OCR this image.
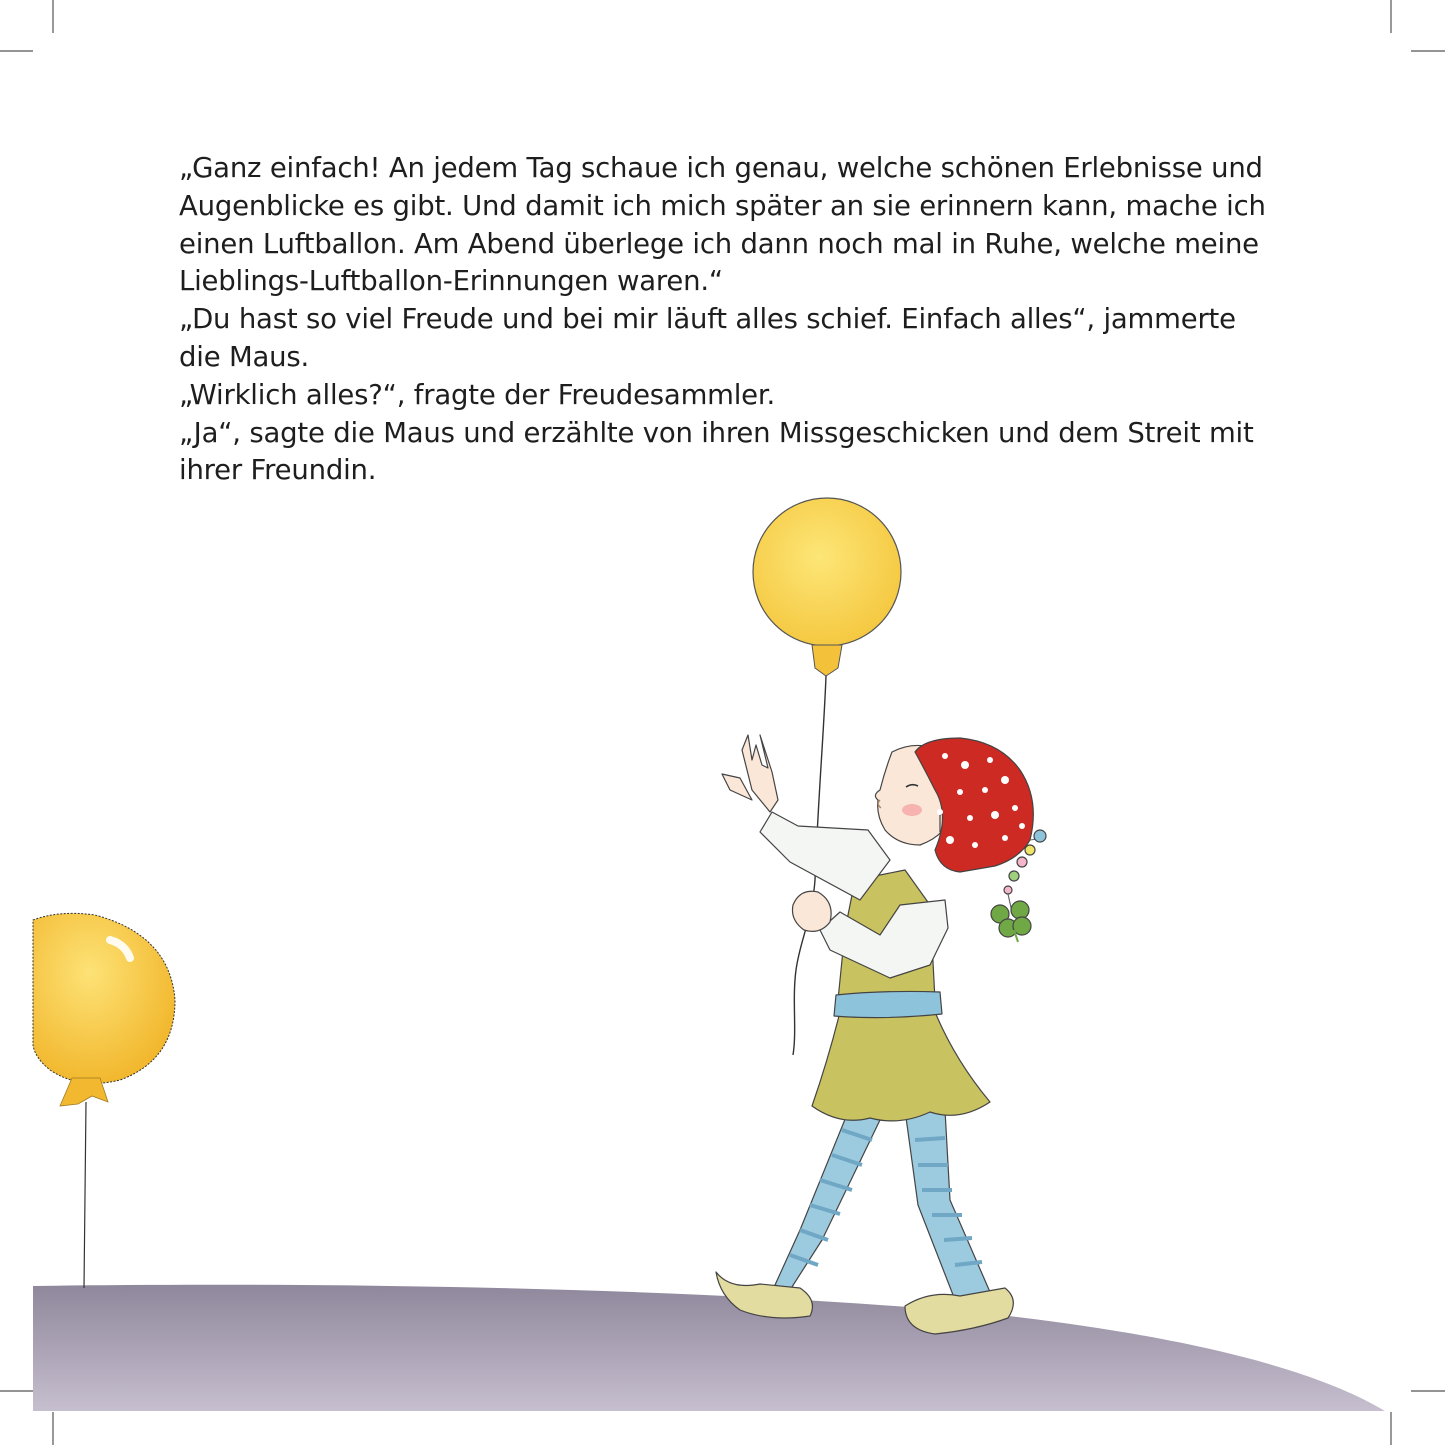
„Ganz einfach! An jedem Tag schaue ich genau, welche schönen Erlebnisse und Augenblicke es gibt. Und damit ich mich später an sie erinnern kann, mache ich einen Luftballon. Am Abend überlege ich dann noch mal in Ruhe, welche meine Lieblings-Luftballon-Erinnungen waren.“

„Du hast so viel Freude und bei mir läuft alles schief. Einfach alles“, jammerte die Maus.

„Wirklich alles?“, fragte der Freudesammler.

„Ja“, sagte die Maus und erzählte von ihren Missgeschicken und dem Streit mit ihrer Freundin.
